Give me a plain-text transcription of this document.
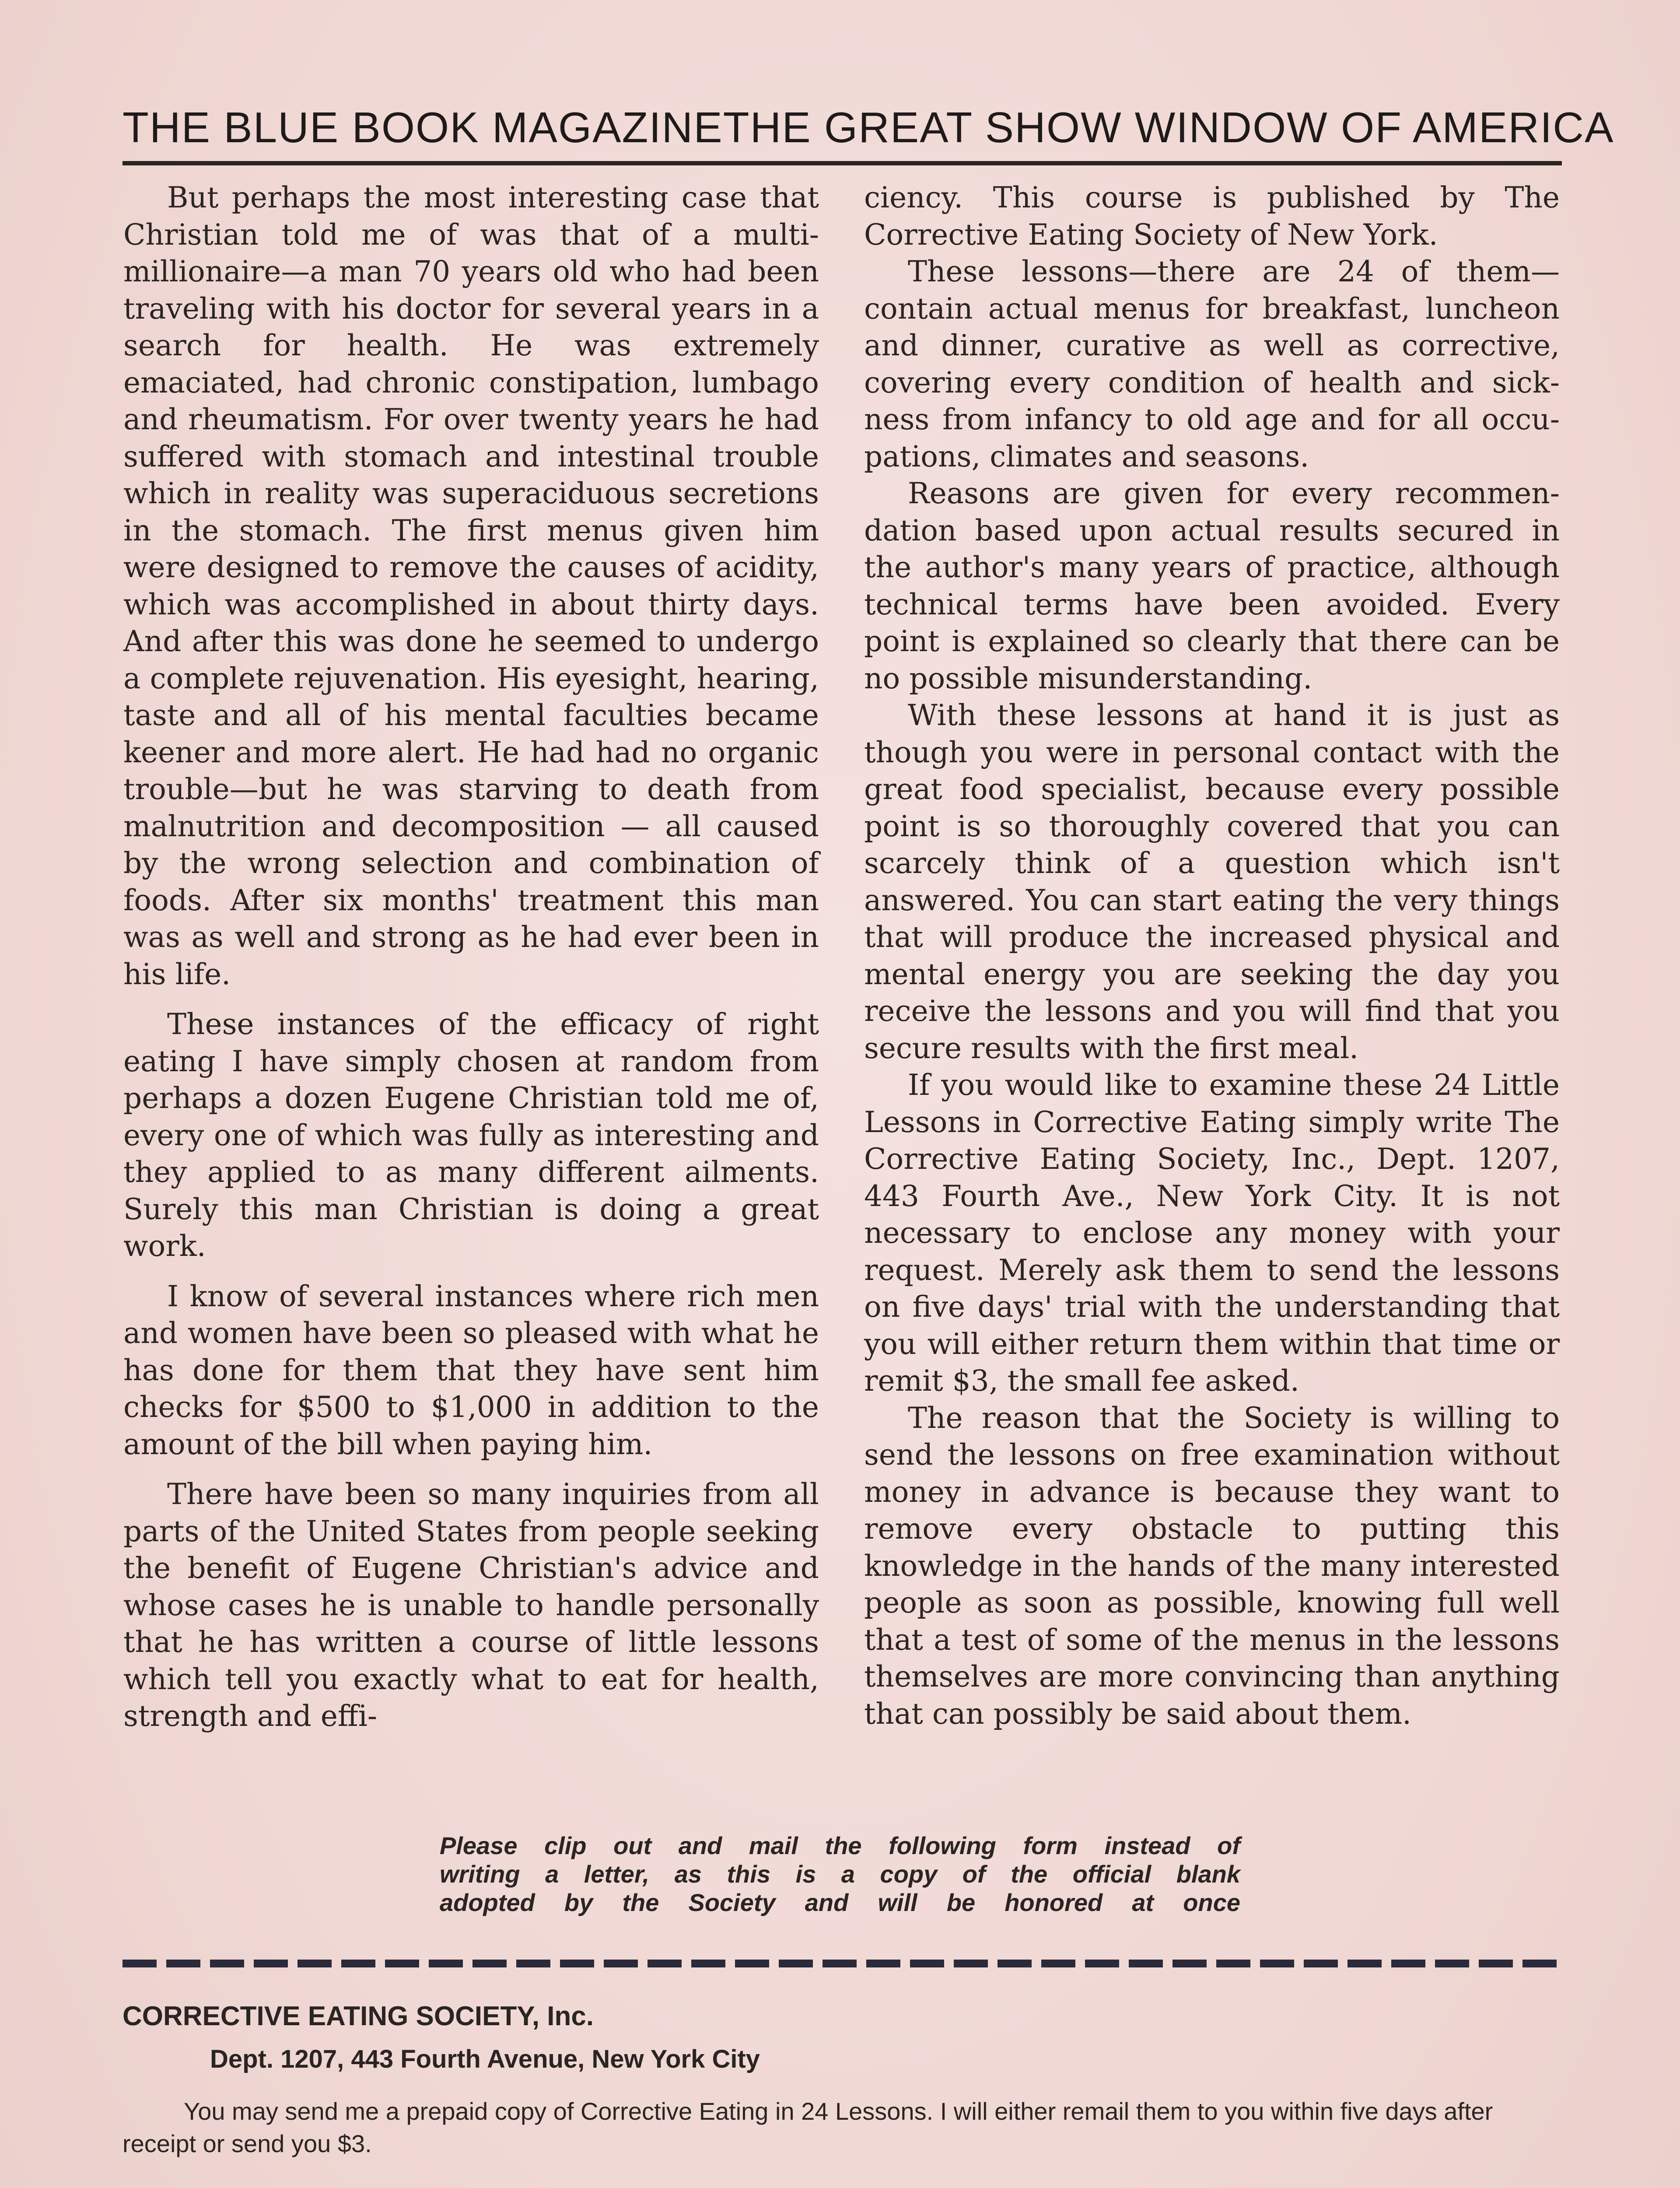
THE BLUE BOOK MAGAZINE THE GREAT SHOW WINDOW OF AMERICA

But perhaps the most interesting case that Christian told me of was that of a multimillionaire—a man 70 years old who had been traveling with his doctor for several years in a search for health. He was extremely emaciated, had chronic constipation, lumbago and rheumatism. For over twenty years he had suffered with stomach and intestinal trouble which in reality was superaciduous secretions in the stomach. The first menus given him were designed to remove the causes of acidity, which was accomplished in about thirty days. And after this was done he seemed to undergo a complete rejuvenation. His eyesight, hearing, taste and all of his mental faculties became keener and more alert. He had had no organic trouble—but he was starving to death from malnutrition and decomposition — all caused by the wrong selection and combination of foods. After six months' treatment this man was as well and strong as he had ever been in his life.

These instances of the efficacy of right eating I have simply chosen at random from perhaps a dozen Eugene Christian told me of, every one of which was fully as interesting and they applied to as many different ailments. Surely this man Christian is doing a great work.

I know of several instances where rich men and women have been so pleased with what he has done for them that they have sent him checks for $500 to $1,000 in addition to the amount of the bill when paying him.

There have been so many inquiries from all parts of the United States from people seeking the benefit of Eugene Christian's advice and whose cases he is unable to handle personally that he has written a course of little lessons which tell you exactly what to eat for health, strength and effi-

ciency. This course is published by The Corrective Eating Society of New York.

These lessons—there are 24 of them—contain actual menus for breakfast, luncheon and dinner, curative as well as corrective, covering every condition of health and sickness from infancy to old age and for all occupations, climates and seasons.

Reasons are given for every recommendation based upon actual results secured in the author's many years of practice, although technical terms have been avoided. Every point is explained so clearly that there can be no possible misunderstanding.

With these lessons at hand it is just as though you were in personal contact with the great food specialist, because every possible point is so thoroughly covered that you can scarcely think of a question which isn't answered. You can start eating the very things that will produce the increased physical and mental energy you are seeking the day you receive the lessons and you will find that you secure results with the first meal.

If you would like to examine these 24 Little Lessons in Corrective Eating simply write The Corrective Eating Society, Inc., Dept. 1207, 443 Fourth Ave., New York City. It is not necessary to enclose any money with your request. Merely ask them to send the lessons on five days' trial with the understanding that you will either return them within that time or remit $3, the small fee asked.

The reason that the Society is willing to send the lessons on free examination without money in advance is because they want to remove every obstacle to putting this knowledge in the hands of the many interested people as soon as possible, knowing full well that a test of some of the menus in the lessons themselves are more convincing than anything that can possibly be said about them.

Please clip out and mail the following form instead of
writing a letter, as this is a copy of the official blank
adopted by the Society and will be honored at once
CORRECTIVE EATING SOCIETY, Inc.
Dept. 1207, 443 Fourth Avenue, New York City
You may send me a prepaid copy of Corrective Eating in 24 Lessons. I will either remail them to you within five days after receipt or send you $3.
